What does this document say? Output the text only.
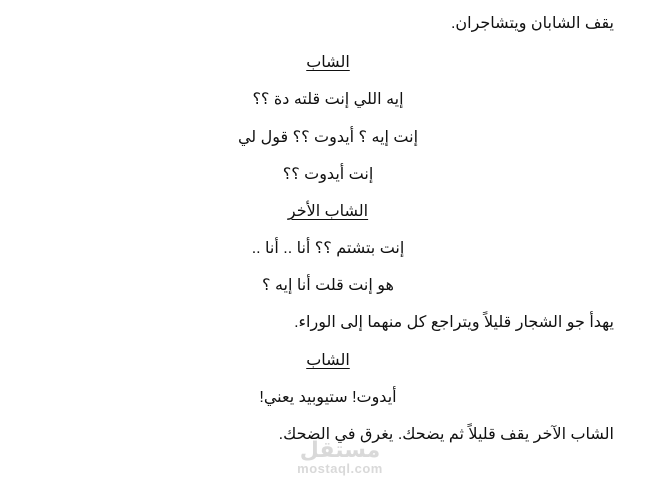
يقف الشابان ويتشاجران.
الشاب
إيه اللي إنت قلته دة ؟؟
إنت إيه ؟ أيدوت ؟؟ قول لي
إنت أيدوت ؟؟
الشاب الأخر
إنت بتشتم ؟؟ أنا .. أنا ..
هو إنت قلت أنا إيه ؟
يهدأ جو الشجار قليلاً ويتراجع كل منهما إلى الوراء.
الشاب
أيدوت! ستيوبيد يعني!
الشاب الآخر يقف قليلاً ثم يضحك. يغرق في الضحك.
مستقل
mostaql.com
